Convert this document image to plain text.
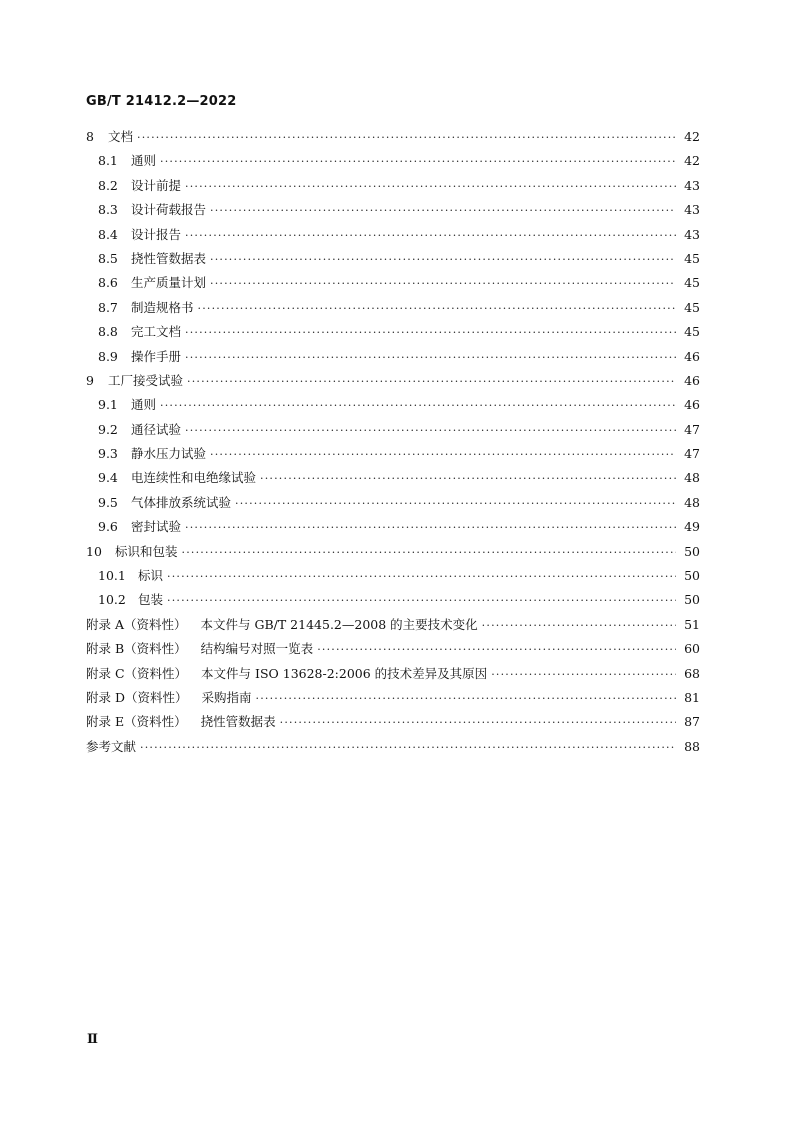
GB/T 21412.2—2022
8	文档 ·····	42
8.1	通则 ·····	42
8.2	设计前提 ·····	43
8.3	设计荷载报告 ·····	43
8.4	设计报告 ·····	43
8.5	挠性管数据表 ·····	45
8.6	生产质量计划 ·····	45
8.7	制造规格书 ·····	45
8.8	完工文档 ·····	45
8.9	操作手册 ·····	46
9	工厂接受试验 ·····	46
9.1	通则 ·····	46
9.2	通径试验 ·····	47
9.3	静水压力试验 ·····	47
9.4	电连续性和电绝缘试验 ·····	48
9.5	气体排放系统试验 ·····	48
9.6	密封试验 ·····	49
10	标识和包装 ·····	50
10.1 标识 ·····	50
10.2 包装 ·····	50
附录 A（资料性） 本文件与 GB/T 21445.2—2008 的主要技术变化 ·····	51
附录 B（资料性） 结构编号对照一览表 ·····	60
附录 C（资料性） 本文件与 ISO 13628-2:2006 的技术差异及其原因 ·····	68
附录 D（资料性） 采购指南 ·····	81
附录 E（资料性） 挠性管数据表 ·····	87
参考文献 ·····	88
Ⅱ
